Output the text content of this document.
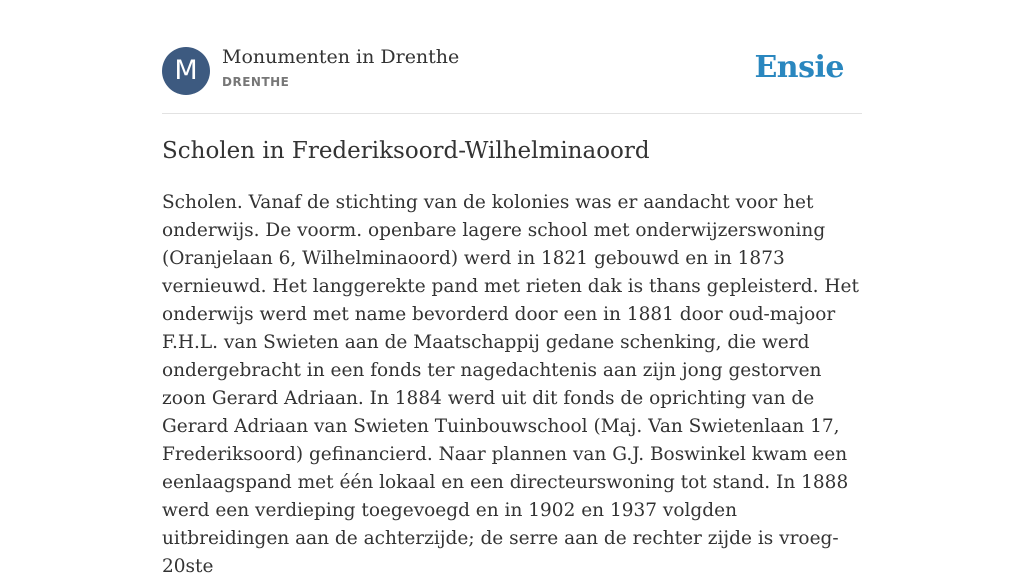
M	Monumenten in Drenthe
DRENTHE	Ensie
Scholen in Frederiksoord-Wilhelminaoord

Scholen. Vanaf de stichting van de kolonies was er aandacht voor het onderwijs. De voorm. openbare lagere school met onderwijzerswoning (Oranjelaan 6, Wilhelminaoord) werd in 1821 gebouwd en in 1873 vernieuwd. Het langgerekte pand met rieten dak is thans gepleisterd. Het onderwijs werd met name bevorderd door een in 1881 door oud-majoor F.H.L. van Swieten aan de Maatschappij gedane schenking, die werd ondergebracht in een fonds ter nagedachtenis aan zijn jong gestorven zoon Gerard Adriaan. In 1884 werd uit dit fonds de oprichting van de Gerard Adriaan van Swieten Tuinbouwschool (Maj. Van Swietenlaan 17, Frederiksoord) gefinancierd. Naar plannen van G.J. Boswinkel kwam een eenlaagspand met één lokaal en een directeurswoning tot stand. In 1888 werd een verdieping toegevoegd en in 1902 en 1937 volgden uitbreidingen aan de achterzijde; de serre aan de rechter zijde is vroeg-20ste
